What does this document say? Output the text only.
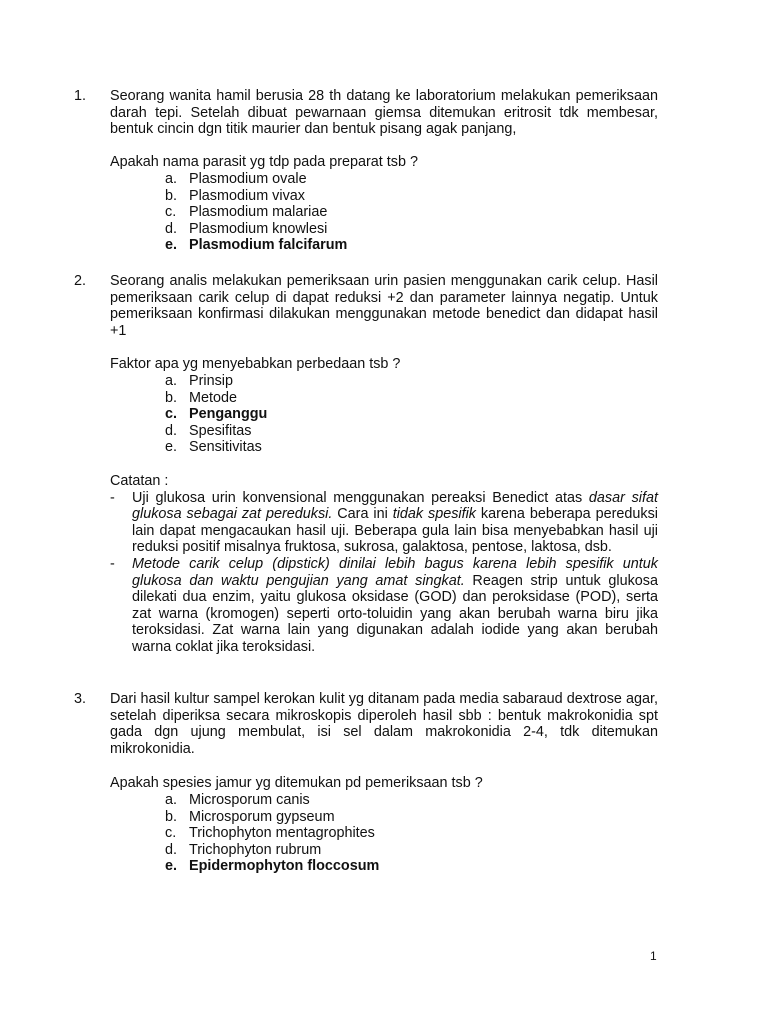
1. Seorang wanita hamil berusia 28 th datang ke laboratorium melakukan pemeriksaan darah tepi. Setelah dibuat pewarnaan giemsa ditemukan eritrosit tdk membesar, bentuk cincin dgn titik maurier dan bentuk pisang agak panjang,

Apakah nama parasit yg tdp pada preparat tsb ?
a. Plasmodium ovale
b. Plasmodium vivax
c. Plasmodium malariae
d. Plasmodium knowlesi
e. Plasmodium falcifarum
2. Seorang analis melakukan pemeriksaan urin pasien menggunakan carik celup. Hasil pemeriksaan carik celup di dapat reduksi +2 dan parameter lainnya negatip. Untuk pemeriksaan konfirmasi dilakukan menggunakan metode benedict dan didapat hasil +1

Faktor apa yg menyebabkan perbedaan tsb ?
a. Prinsip
b. Metode
c. Penganggu
d. Spesifitas
e. Sensitivitas

Catatan :

- Uji glukosa urin konvensional menggunakan pereaksi Benedict atas dasar sifat glukosa sebagai zat pereduksi. Cara ini tidak spesifik karena beberapa pereduksi lain dapat mengacaukan hasil uji. Beberapa gula lain bisa menyebabkan hasil uji reduksi positif misalnya fruktosa, sukrosa, galaktosa, pentose, laktosa, dsb.

- Metode carik celup (dipstick) dinilai lebih bagus karena lebih spesifik untuk glukosa dan waktu pengujian yang amat singkat. Reagen strip untuk glukosa dilekati dua enzim, yaitu glukosa oksidase (GOD) dan peroksidase (POD), serta zat warna (kromogen) seperti orto-toluidin yang akan berubah warna biru jika teroksidasi. Zat warna lain yang digunakan adalah iodide yang akan berubah warna coklat jika teroksidasi.

3. Dari hasil kultur sampel kerokan kulit yg ditanam pada media sabaraud dextrose agar, setelah diperiksa secara mikroskopis diperoleh hasil sbb : bentuk makrokonidia spt gada dgn ujung membulat, isi sel dalam makrokonidia 2-4, tdk ditemukan mikrokonidia.

Apakah spesies jamur yg ditemukan pd pemeriksaan tsb ?
a. Microsporum canis
b. Microsporum gypseum
c. Trichophyton mentagrophites
d. Trichophyton rubrum
e. Epidermophyton floccosum
1
